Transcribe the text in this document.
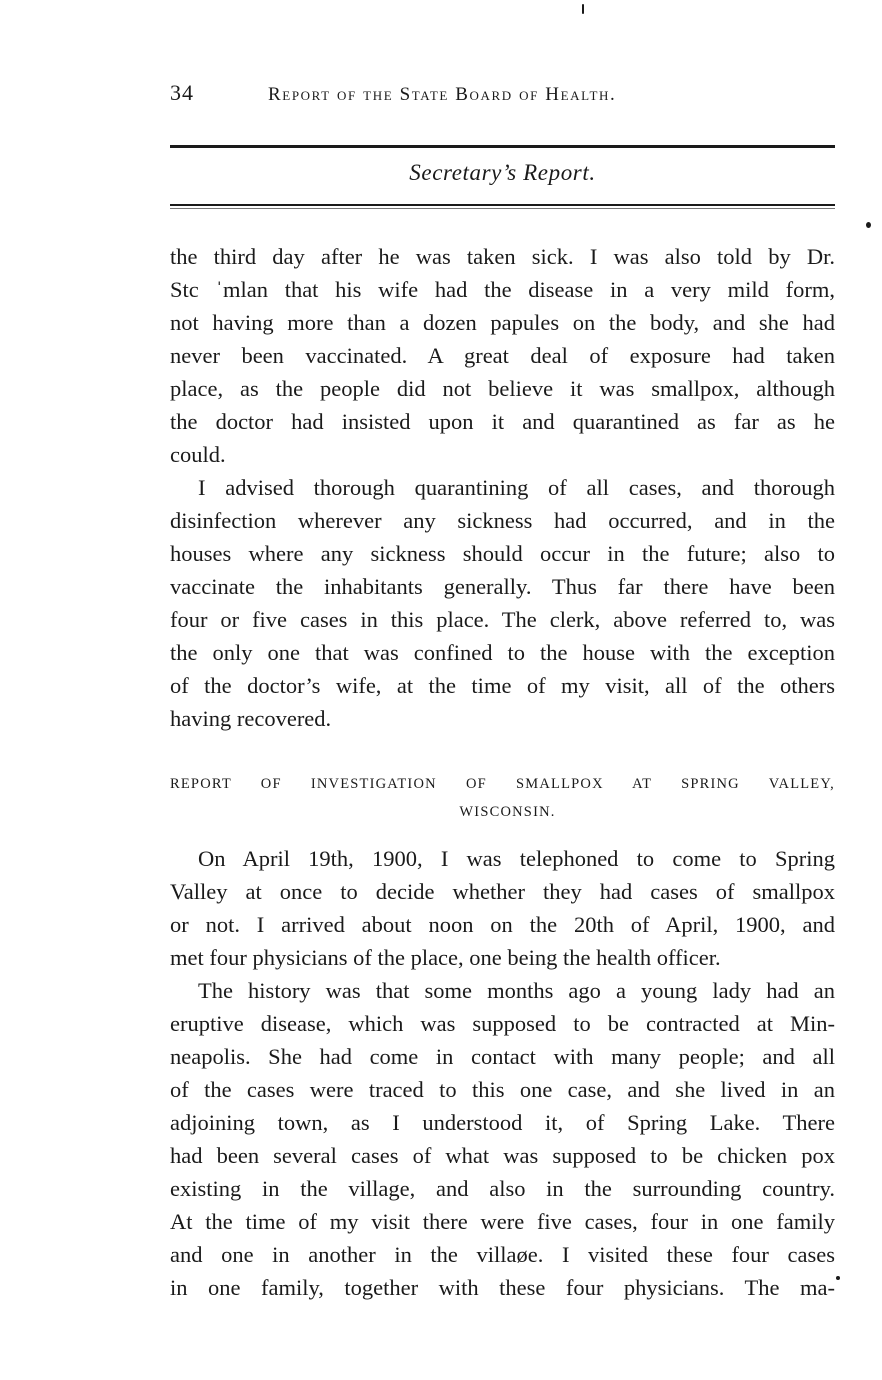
34	Report of the State Board of Health.
Secretary’s Report.
the third day after he was taken sick. I was also told by Dr.
Stc ˈmlan that his wife had the disease in a very mild form,
not having more than a dozen papules on the body, and she had
never been vaccinated. A great deal of exposure had taken
place, as the people did not believe it was smallpox, although
the doctor had insisted upon it and quarantined as far as he
could.
I advised thorough quarantining of all cases, and thorough
disinfection wherever any sickness had occurred, and in the
houses where any sickness should occur in the future; also to
vaccinate the inhabitants generally. Thus far there have been
four or five cases in this place. The clerk, above referred to, was
the only one that was confined to the house with the exception
of the doctor’s wife, at the time of my visit, all of the others
having recovered.
REPORT OF INVESTIGATION OF SMALLPOX AT SPRING VALLEY,
WISCONSIN.
On April 19th, 1900, I was telephoned to come to Spring
Valley at once to decide whether they had cases of smallpox
or not. I arrived about noon on the 20th of April, 1900, and
met four physicians of the place, one being the health officer.
The history was that some months ago a young lady had an
eruptive disease, which was supposed to be contracted at Min-
neapolis. She had come in contact with many people; and all
of the cases were traced to this one case, and she lived in an
adjoining town, as I understood it, of Spring Lake. There
had been several cases of what was supposed to be chicken pox
existing in the village, and also in the surrounding country.
At the time of my visit there were five cases, four in one family
and one in another in the villaøe. I visited these four cases
in one family, together with these four physicians. The ma-
